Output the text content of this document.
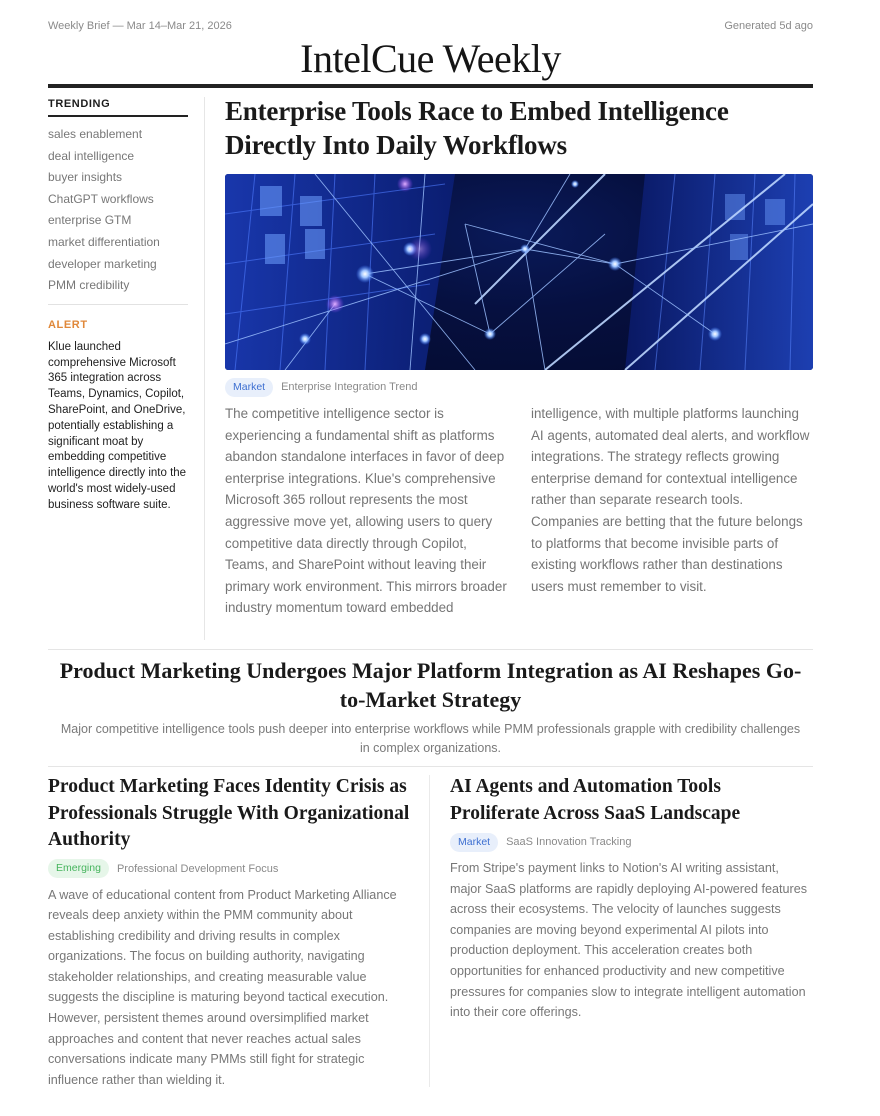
Weekly Brief — Mar 14–Mar 21, 2026	Generated 5d ago
IntelCue Weekly
TRENDING
sales enablement
deal intelligence
buyer insights
ChatGPT workflows
enterprise GTM
market differentiation
developer marketing
PMM credibility
ALERT

Klue launched comprehensive Microsoft 365 integration across Teams, Dynamics, Copilot, SharePoint, and OneDrive, potentially establishing a significant moat by embedding competitive intelligence directly into the world's most widely-used business software suite.

Enterprise Tools Race to Embed Intelligence Directly Into Daily Workflows
Market	Enterprise Integration Trend

The competitive intelligence sector is experiencing a fundamental shift as platforms abandon standalone interfaces in favor of deep enterprise integrations. Klue's comprehensive Microsoft 365 rollout represents the most aggressive move yet, allowing users to query competitive data directly through Copilot, Teams, and SharePoint without leaving their primary work environment. This mirrors broader industry momentum toward embedded intelligence, with multiple platforms launching AI agents, automated deal alerts, and workflow integrations. The strategy reflects growing enterprise demand for contextual intelligence rather than separate research tools. Companies are betting that the future belongs to platforms that become invisible parts of existing workflows rather than destinations users must remember to visit.

Product Marketing Undergoes Major Platform Integration as AI Reshapes Go-to-Market Strategy

Major competitive intelligence tools push deeper into enterprise workflows while PMM professionals grapple with credibility challenges in complex organizations.

Product Marketing Faces Identity Crisis as Professionals Struggle With Organizational Authority
Emerging	Professional Development Focus

A wave of educational content from Product Marketing Alliance reveals deep anxiety within the PMM community about establishing credibility and driving results in complex organizations. The focus on building authority, navigating stakeholder relationships, and creating measurable value suggests the discipline is maturing beyond tactical execution. However, persistent themes around oversimplified market approaches and content that never reaches actual sales conversations indicate many PMMs still fight for strategic influence rather than wielding it.

AI Agents and Automation Tools Proliferate Across SaaS Landscape
Market	SaaS Innovation Tracking

From Stripe's payment links to Notion's AI writing assistant, major SaaS platforms are rapidly deploying AI-powered features across their ecosystems. The velocity of launches suggests companies are moving beyond experimental AI pilots into production deployment. This acceleration creates both opportunities for enhanced productivity and new competitive pressures for companies slow to integrate intelligent automation into their core offerings.
